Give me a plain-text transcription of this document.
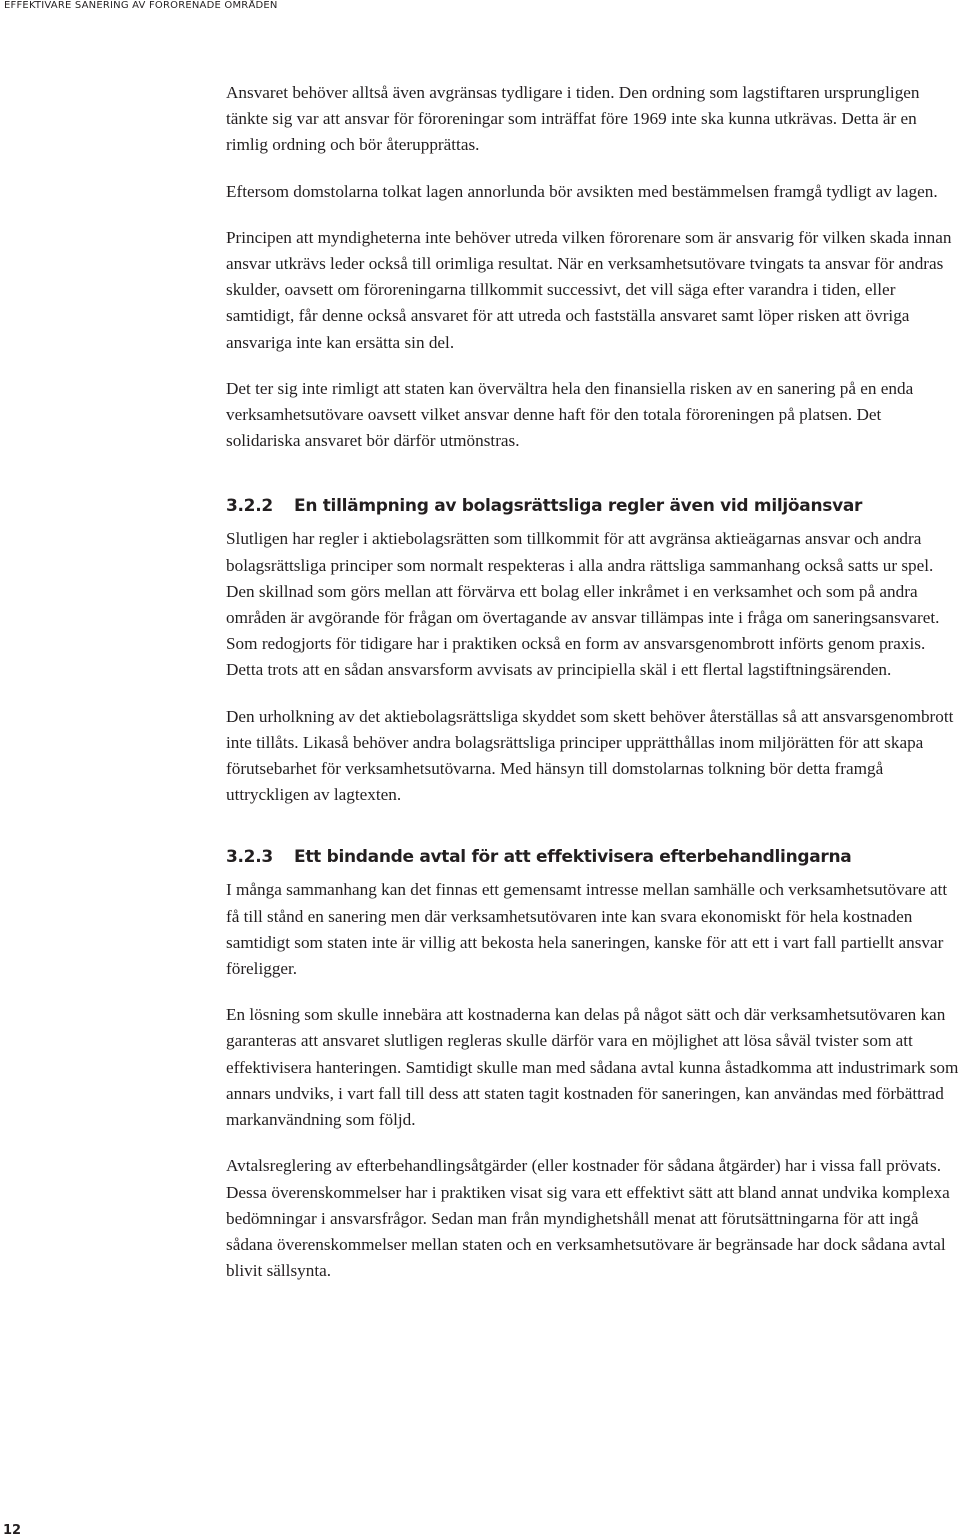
EFFEKTIVARE SANERING AV FÖRORENADE OMRÅDEN

Ansvaret behöver alltså även avgränsas tydligare i tiden. Den ordning som lagstiftaren ursprungligen tänkte sig var att ansvar för föroreningar som inträffat före 1969 inte ska kunna utkrävas. Detta är en rimlig ordning och bör återupprättas.

Eftersom domstolarna tolkat lagen annorlunda bör avsikten med bestämmelsen framgå tydligt av lagen.

Principen att myndigheterna inte behöver utreda vilken förorenare som är ansvarig för vilken skada innan ansvar utkrävs leder också till orimliga resultat. När en verksamhetsutövare tvingats ta ansvar för andras skulder, oavsett om föroreningarna tillkommit successivt, det vill säga efter varandra i tiden, eller samtidigt, får denne också ansvaret för att utreda och fastställa ansvaret samt löper risken att övriga ansvariga inte kan ersätta sin del.

Det ter sig inte rimligt att staten kan övervältra hela den finansiella risken av en sanering på en enda verksamhetsutövare oavsett vilket ansvar denne haft för den totala föroreningen på platsen. Det solidariska ansvaret bör därför utmönstras.

3.2.2	En tillämpning av bolagsrättsliga regler även vid miljöansvar

Slutligen har regler i aktiebolagsrätten som tillkommit för att avgränsa aktieägarnas ansvar och andra bolagsrättsliga principer som normalt respekteras i alla andra rättsliga sammanhang också satts ur spel. Den skillnad som görs mellan att förvärva ett bolag eller inkråmet i en verksamhet och som på andra områden är avgörande för frågan om övertagande av ansvar tillämpas inte i fråga om saneringsansvaret. Som redogjorts för tidigare har i praktiken också en form av ansvarsgenombrott införts genom praxis. Detta trots att en sådan ansvarsform avvisats av principiella skäl i ett flertal lagstiftningsärenden.

Den urholkning av det aktiebolagsrättsliga skyddet som skett behöver återställas så att ansvarsgenombrott inte tillåts. Likaså behöver andra bolagsrättsliga principer upprätthållas inom miljörätten för att skapa förutsebarhet för verksamhetsutövarna. Med hänsyn till domstolarnas tolkning bör detta framgå uttryckligen av lagtexten.

3.2.3	Ett bindande avtal för att effektivisera efterbehandlingarna

I många sammanhang kan det finnas ett gemensamt intresse mellan samhälle och verksamhetsutövare att få till stånd en sanering men där verksamhetsutövaren inte kan svara ekonomiskt för hela kostnaden samtidigt som staten inte är villig att bekosta hela saneringen, kanske för att ett i vart fall partiellt ansvar föreligger.

En lösning som skulle innebära att kostnaderna kan delas på något sätt och där verksamhetsutövaren kan garanteras att ansvaret slutligen regleras skulle därför vara en möjlighet att lösa såväl tvister som att effektivisera hanteringen. Samtidigt skulle man med sådana avtal kunna åstadkomma att industrimark som annars undviks, i vart fall till dess att staten tagit kostnaden för saneringen, kan användas med förbättrad markanvändning som följd.

Avtalsreglering av efterbehandlingsåtgärder (eller kostnader för sådana åtgärder) har i vissa fall prövats. Dessa överenskommelser har i praktiken visat sig vara ett effektivt sätt att bland annat undvika komplexa bedömningar i ansvarsfrågor. Sedan man från myndighetshåll menat att förutsättningarna för att ingå sådana överenskommelser mellan staten och en verksamhetsutövare är begränsade har dock sådana avtal blivit sällsynta.

12
